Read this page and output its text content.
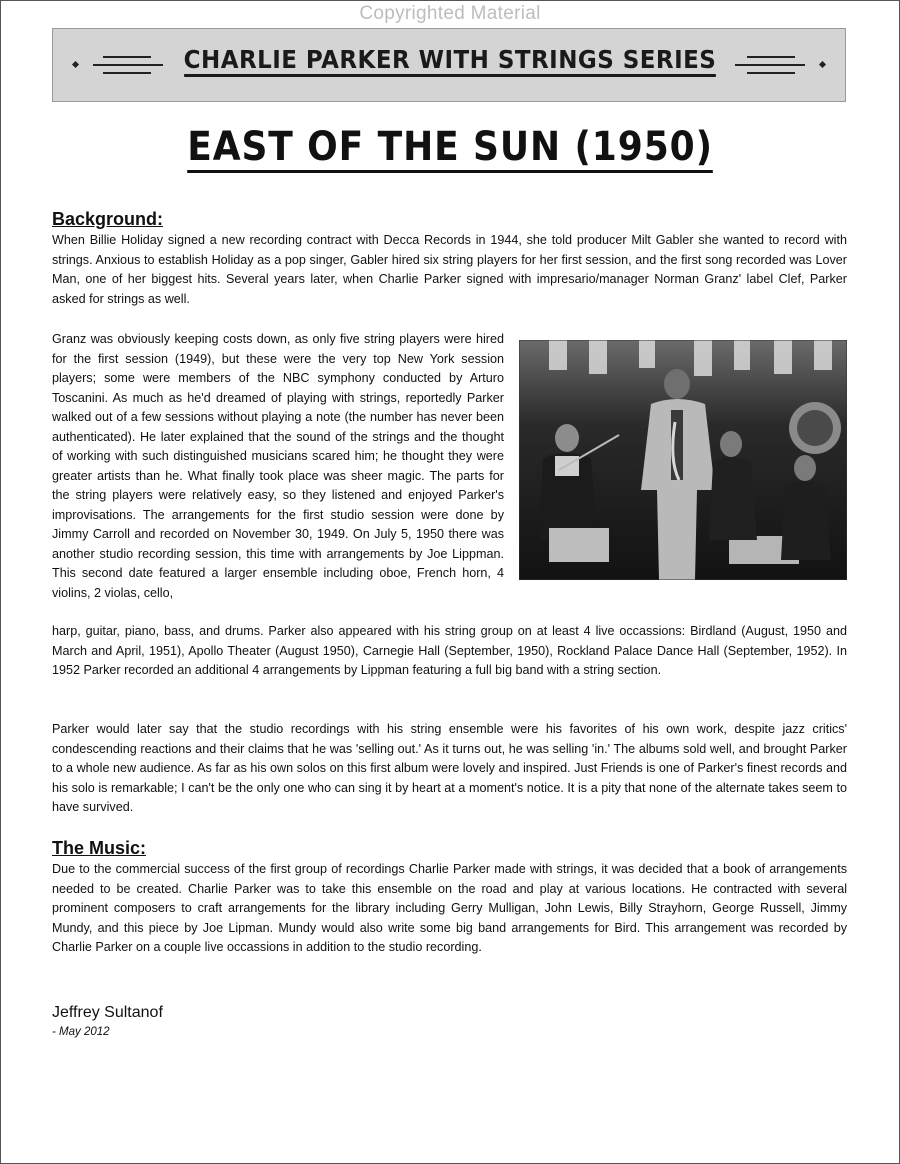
Copyrighted Material
CHARLIE PARKER WITH STRINGS SERIES
EAST OF THE SUN (1950)
Background:

When Billie Holiday signed a new recording contract with Decca Records in 1944, she told producer Milt Gabler she wanted to record with strings. Anxious to establish Holiday as a pop singer, Gabler hired six string players for her first session, and the first song recorded was Lover Man, one of her biggest hits. Several years later, when Charlie Parker signed with impresario/manager Norman Granz' label Clef, Parker asked for strings as well.

Granz was obviously keeping costs down, as only five string players were hired for the first session (1949), but these were the very top New York session players; some were members of the NBC symphony conducted by Arturo Toscanini. As much as he'd dreamed of playing with strings, reportedly Parker walked out of a few sessions without playing a note (the number has never been authenticated). He later explained that the sound of the strings and the thought of working with such distinguished musicians scared him; he thought they were greater artists than he. What finally took place was sheer magic. The parts for the string players were relatively easy, so they listened and enjoyed Parker's improvisations. The arrangements for the first studio session were done by Jimmy Carroll and recorded on November 30, 1949. On July 5, 1950 there was another studio recording session, this time with arrangements by Joe Lippman. This second date featured a larger ensemble including oboe, French horn, 4 violins, 2 violas, cello,

harp, guitar, piano, bass, and drums. Parker also appeared with his string group on at least 4 live occassions: Birdland (August, 1950 and March and April, 1951), Apollo Theater (August 1950), Carnegie Hall (September, 1950), Rockland Palace Dance Hall (September, 1952). In 1952 Parker recorded an additional 4 arrangements by Lippman featuring a full big band with a string section.

Parker would later say that the studio recordings with his string ensemble were his favorites of his own work, despite jazz critics' condescending reactions and their claims that he was 'selling out.' As it turns out, he was selling 'in.' The albums sold well, and brought Parker to a whole new audience. As far as his own solos on this first album were lovely and inspired. Just Friends is one of Parker's finest records and his solo is remarkable; I can't be the only one who can sing it by heart at a moment's notice. It is a pity that none of the alternate takes seem to have survived.

The Music:

Due to the commercial success of the first group of recordings Charlie Parker made with strings, it was decided that a book of arrangements needed to be created. Charlie Parker was to take this ensemble on the road and play at various locations. He contracted with several prominent composers to craft arrangements for the library including Gerry Mulligan, John Lewis, Billy Strayhorn, George Russell, Jimmy Mundy, and this piece by Joe Lipman. Mundy would also write some big band arrangements for Bird. This arrangement was recorded by Charlie Parker on a couple live occassions in addition to the studio recording.

Jeffrey Sultanof
- May 2012
